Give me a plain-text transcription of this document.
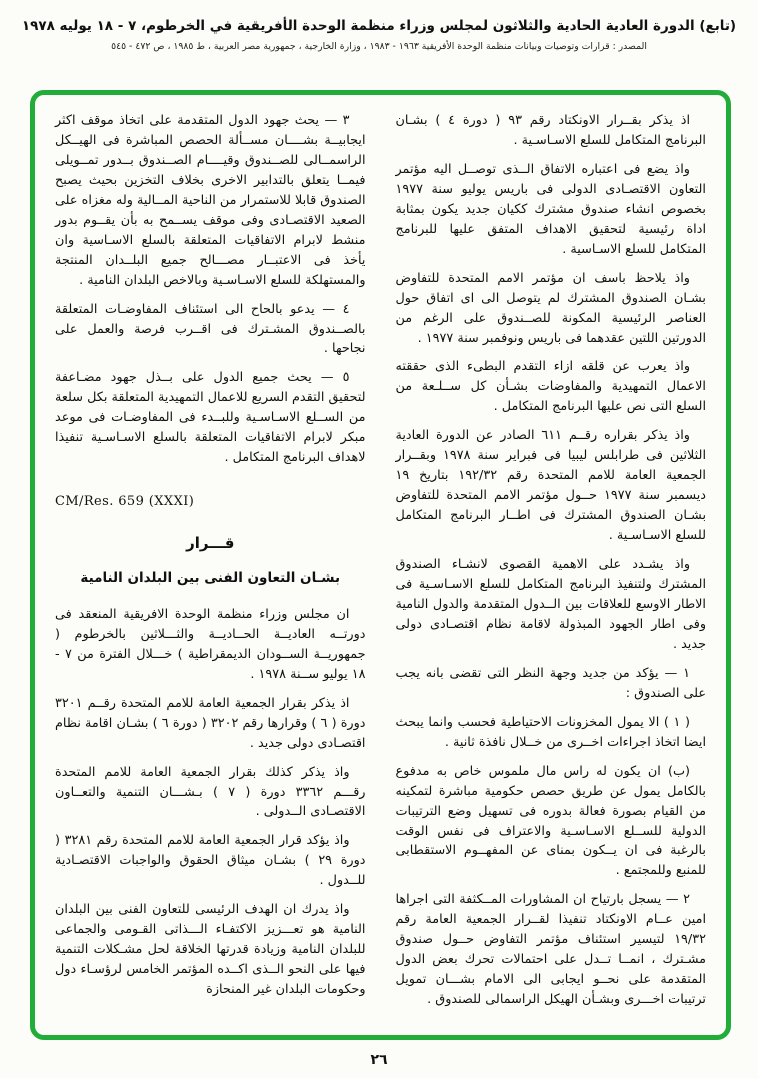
(تابع) الدورة العادية الحادية والثلاثون لمجلس وزراء منظمة الوحدة الأفريقية في الخرطوم، ٧ - ١٨ يوليه ١٩٧٨
المصدر : قرارات وتوصيات وبيانات منظمة الوحدة الأفريقية ١٩٦٣ - ١٩٨٣ ، وزارة الخارجية ، جمهورية مصر العربية ، ط ١٩٨٥ ، ص ٤٧٢ - ٥٤٥

اذ يذكر بقــرار الاونكتاد رقم ٩٣ ( دورة ٤ ) بشـان البرنامج المتكامل للسلع الاسـاسـية .

واذ يضع فى اعتباره الاتفاق الــذى توصــل اليه مؤتمر التعاون الاقتصـادى الدولى فى باريس يوليو سنة ١٩٧٧ بخصوص انشاء صندوق مشترك ككيان جديد يكون بمثابة اداة رئيسية لتحقيق الاهداف المتفق عليها للبرنامج المتكامل للسلع الاسـاسية .

واذ يلاحظ باسف ان مؤتمر الامم المتحدة للتفاوض بشـان الصندوق المشترك لم يتوصل الى اى اتفاق حول العناصر الرئيسية المكونة للصــندوق على الرغم من الدورتين اللتين عقدهما فى باريس ونوفمبر سنة ١٩٧٧ .

واذ يعرب عن قلقه ازاء التقدم البطىء الذى حققته الاعمال التمهيدية والمفاوضات بشـأن كل ســلـعة من السلع التى نص عليها البرنامج المتكامل .

واذ يذكر بقراره رقــم ٦١١ الصادر عن الدورة العادية الثلاثين فى طرابلس ليبيا فى فبراير سنة ١٩٧٨ وبقــرار الجمعية العامة للامم المتحدة رقم ١٩٢/٣٢ بتاريخ ١٩ ديسمبر سنة ١٩٧٧ حــول مؤتمر الامم المتحدة للتفاوض بشـان الصندوق المشترك فى اطــار البرنامج المتكامل للسلع الاسـاسـية .

واذ يشـدد على الاهمية القصوى لانشـاء الصندوق المشترك ولتنفيذ البرنامج المتكامل للسلع الاسـاسـية فى الاطار الاوسع للعلاقات بين الــدول المتقدمة والدول النامية وفى اطار الجهود المبذولة لاقامة نظام اقتصـادى دولى جديد .

١ — يؤكد من جديد وجهة النظر التى تقضى بانه يجب على الصندوق :

( ١ ) الا يمول المخزونات الاحتياطية فحسب وانما يبحث ايضا اتخاذ اجراءات اخــرى من خــلال نافذة ثانية .

(ب) ان يكون له راس مال ملموس خاص به مدفوع بالكامل يمول عن طريق حصص حكومية مباشرة لتمكينه من القيام بصورة فعالة بدوره فى تسهيل وضع الترتيبات الدولية للســلع الاسـاسـية والاعتراف فى نفس الوقت بالرغبة فى ان يــكون بمناى عن المفهــوم الاستقطابى للمنبع وللمجتمع .

٢ — يسجل بارتياح ان المشاورات المــكثفة التى اجراها امين عــام الاونكتاد تنفيذا لقــرار الجمعية العامة رقم ١٩/٣٢ لتيسير استئناف مؤتمر التفاوض حــول صندوق مشـترك ، انمــا تــدل على احتمالات تحرك بعض الدول المتقدمة على نحــو ايجابى الى الامام بشـــان تمويل ترتيبات اخـــرى وبشـأن الهيكل الراسمالى للصندوق .

٣ — يحث جهود الدول المتقدمة على اتخاذ موقف اكثر ايجابيــة بشــــان مســألة الحصص المباشرة فى الهيــكل الراسمــالى للصــندوق وقيــــام الصــندوق بــدور تمــويلى فيمــا يتعلق بالتدابير الاخرى بخلاف التخزين بحيث يصبح الصندوق قابلا للاستمرار من الناحية المــالية وله مغزاه على الصعيد الاقتصـادى وفى موقف يســمح به بأن يقــوم بدور منشط لابرام الاتفاقيات المتعلقة بالسلع الاسـاسية وان يأخذ فى الاعتبــار مصـــالح جميع البلــدان المنتجة والمستهلكة للسلع الاسـاسـية وبالاخص البلدان النامية .

٤ — يدعو بالحاح الى استئناف المفاوضـات المتعلقة بالصــندوق المشـترك فى اقــرب فرصة والعمل على نجاحها .

٥ — يحث جميع الدول على بــذل جهود مضـاعفة لتحقيق التقدم السريع للاعمال التمهيدية المتعلقة بكل سلعة من الســلع الاسـاسـية وللبــدء فى المفاوضـات فى موعد مبكر لابرام الاتفاقيات المتعلقة بالسلع الاسـاسـية تنفيذا لاهداف البرنامج المتكامل .

CM/Res. 659 (XXXI)
قـــرار
بشـان التعاون الفنى بين البلدان النامية

ان مجلس وزراء منظمة الوحدة الافريقية المنعقد فى دورتــه العاديــة الحــاديــة والثـــلاثين بالخرطوم ( جمهوريــة الســودان الديمقراطية ) خـــلال الفترة من ٧ - ١٨ يوليو ســنة ١٩٧٨ .

اذ يذكر بقرار الجمعية العامة للامم المتحدة رقــم ٣٢٠١ دورة ( ٦ ) وقرارها رقم ٣٢٠٢ ( دورة ٦ ) بشـان اقامة نظام اقتصـادى دولى جديد .

واذ يذكر كذلك بقرار الجمعية العامة للامم المتحدة رقـــم ٣٣٦٢ دورة ( ٧ ) بـشـــان التنمية والتعــاون الاقتصـادى الــدولى .

واذ يؤكد قرار الجمعية العامة للامم المتحدة رقم ٣٢٨١ ( دورة ٢٩ ) بشـان ميثاق الحقوق والواجبات الاقتصـادية للــدول .

واذ يدرك ان الهدف الرئيسى للتعاون الفنى بين البلدان النامية هو تعـــزيز الاكتفـاء الـــذاتى القـومى والجماعى للبلدان النامية وزيادة قدرتها الخلاقة لحل مشـكلات التنمية فيها على النحو الــذى اكــده المؤتمر الخامس لرؤسـاء دول وحكومات البلدان غير المنحازة

٢٦
